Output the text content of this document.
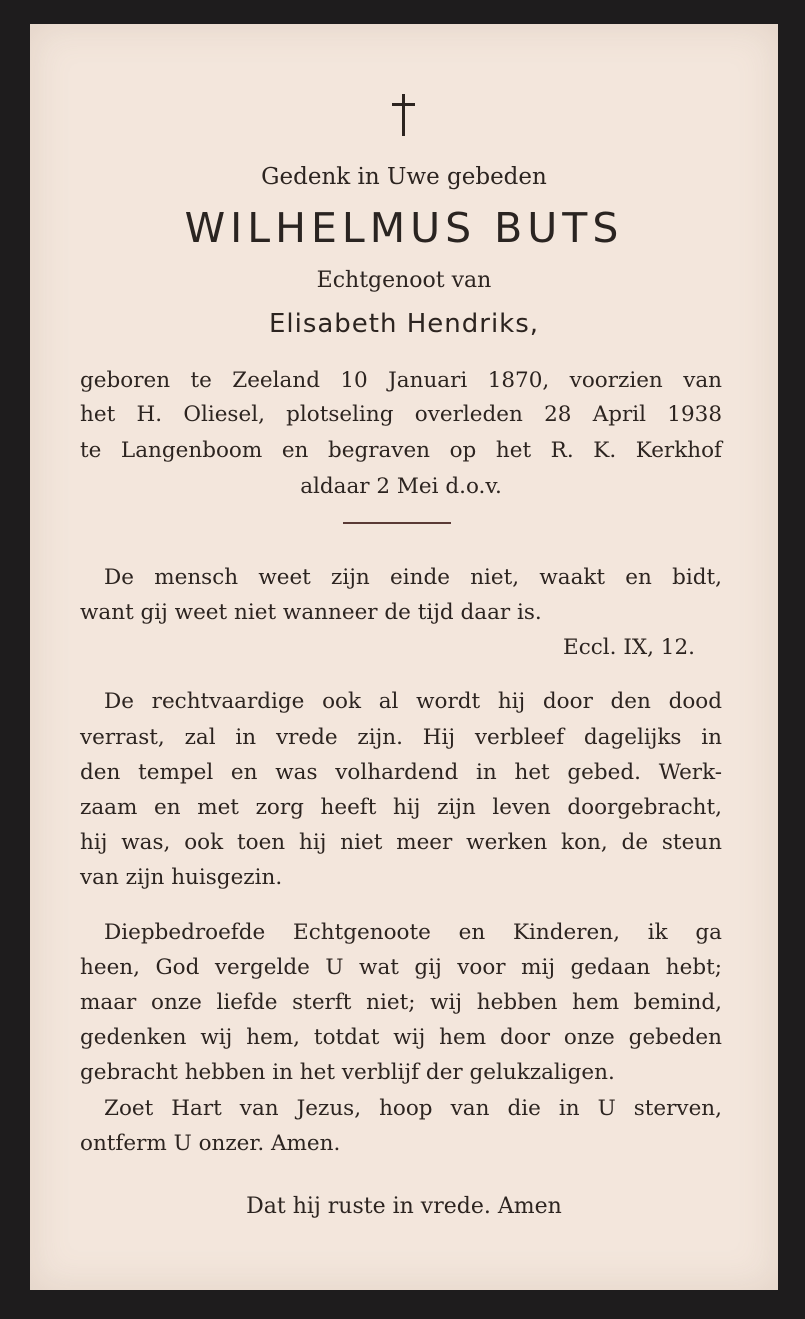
Gedenk in Uwe gebeden
WILHELMUS BUTS
Echtgenoot van
Elisabeth Hendriks,
geboren te Zeeland 10 Januari 1870, voorzien van
het H. Oliesel, plotseling overleden 28 April 1938
te Langenboom en begraven op het R. K. Kerkhof
aldaar 2 Mei d.o.v.
De mensch weet zijn einde niet, waakt en bidt,
want gij weet niet wanneer de tijd daar is.
Eccl. IX, 12.
De rechtvaardige ook al wordt hij door den dood
verrast, zal in vrede zijn. Hij verbleef dagelijks in
den tempel en was volhardend in het gebed. Werk-
zaam en met zorg heeft hij zijn leven doorgebracht,
hij was, ook toen hij niet meer werken kon, de steun
van zijn huisgezin.
Diepbedroefde Echtgenoote en Kinderen, ik ga
heen, God vergelde U wat gij voor mij gedaan hebt;
maar onze liefde sterft niet; wij hebben hem bemind,
gedenken wij hem, totdat wij hem door onze gebeden
gebracht hebben in het verblijf der gelukzaligen.
Zoet Hart van Jezus, hoop van die in U sterven,
ontferm U onzer. Amen.
Dat hij ruste in vrede. Amen
